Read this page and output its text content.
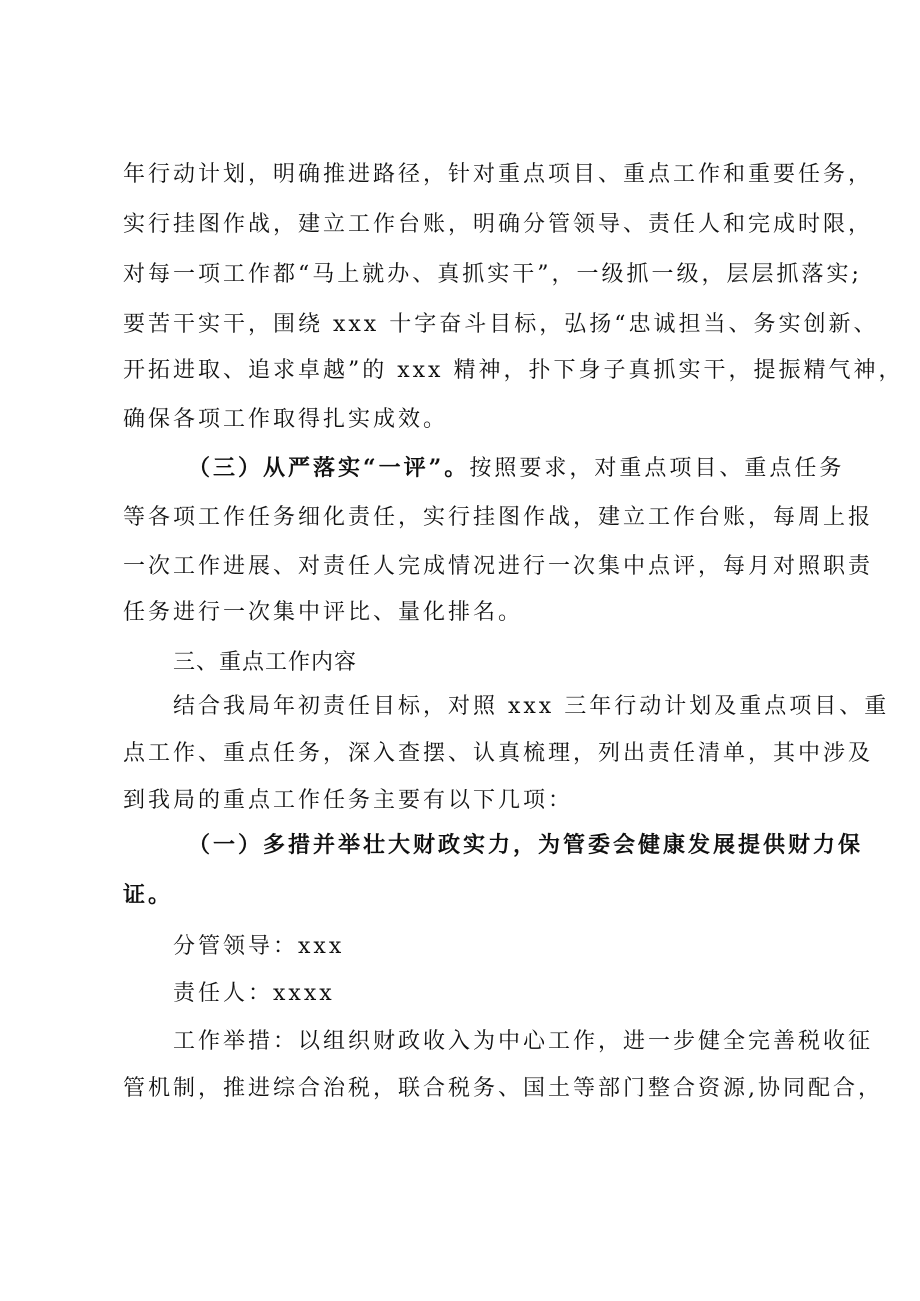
年行动计划，明确推进路径，针对重点项目、重点工作和重要任务，
实行挂图作战，建立工作台账，明确分管领导、责任人和完成时限，
对每一项工作都“马上就办、真抓实干”，一级抓一级，层层抓落实;
要苦干实干，围绕 xxx 十字奋斗目标，弘扬“忠诚担当、务实创新、
开拓进取、追求卓越”的 xxx 精神，扑下身子真抓实干，提振精气神，
确保各项工作取得扎实成效。
（三）从严落实“一评”。按照要求，对重点项目、重点任务
等各项工作任务细化责任，实行挂图作战，建立工作台账，每周上报
一次工作进展、对责任人完成情况进行一次集中点评，每月对照职责
任务进行一次集中评比、量化排名。
三、重点工作内容
结合我局年初责任目标，对照 xxx 三年行动计划及重点项目、重
点工作、重点任务，深入查摆、认真梳理，列出责任清单，其中涉及
到我局的重点工作任务主要有以下几项：
（一）多措并举壮大财政实力，为管委会健康发展提供财力保
证。
分管领导：xxx
责任人：xxxx
工作举措：以组织财政收入为中心工作，进一步健全完善税收征
管机制，推进综合治税，联合税务、国土等部门整合资源,协同配合，
